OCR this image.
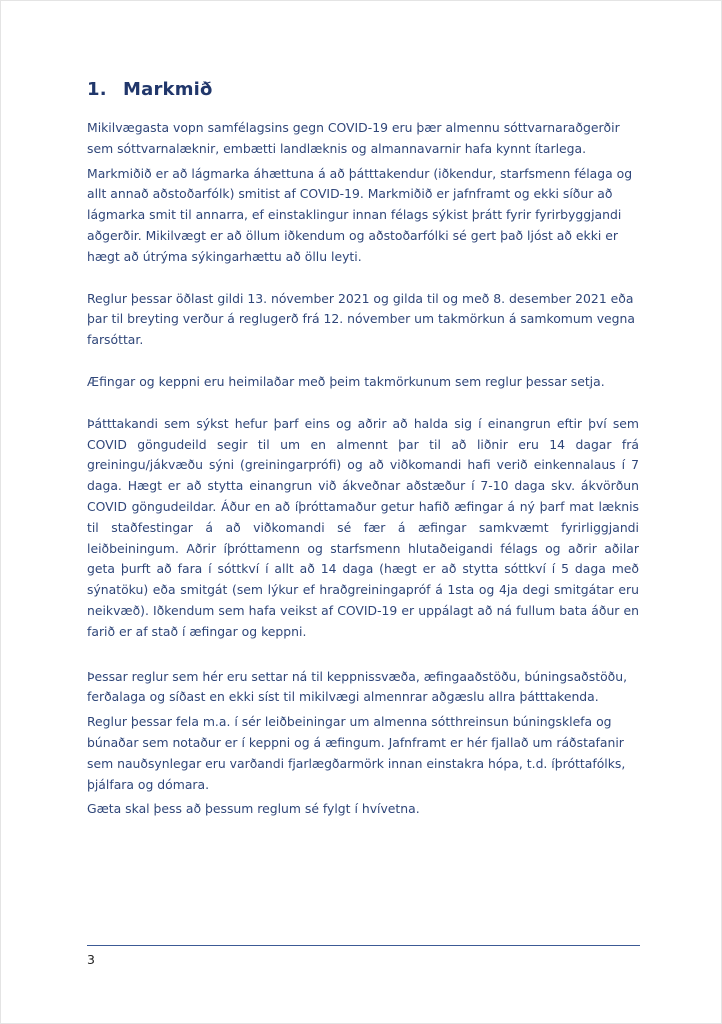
1. Markmið

Mikilvægasta vopn samfélagsins gegn COVID-19 eru þær almennu sóttvarnaraðgerðir sem sóttvarnalæknir, embætti landlæknis og almannavarnir hafa kynnt ítarlega.

Markmiðið er að lágmarka áhættuna á að þátttakendur (iðkendur, starfsmenn félaga og allt annað aðstoðarfólk) smitist af COVID-19. Markmiðið er jafnframt og ekki síður að lágmarka smit til annarra, ef einstaklingur innan félags sýkist þrátt fyrir fyrirbyggjandi aðgerðir. Mikilvægt er að öllum iðkendum og aðstoðarfólki sé gert það ljóst að ekki er hægt að útrýma sýkingarhættu að öllu leyti.

Reglur þessar öðlast gildi 13. nóvember 2021 og gilda til og með 8. desember 2021 eða þar til breyting verður á reglugerð frá 12. nóvember um takmörkun á samkomum vegna farsóttar.

Æfingar og keppni eru heimilaðar með þeim takmörkunum sem reglur þessar setja.

Þátttakandi sem sýkst hefur þarf eins og aðrir að halda sig í einangrun eftir því sem COVID göngudeild segir til um en almennt þar til að liðnir eru 14 dagar frá greiningu/jákvæðu sýni (greiningarprófi) og að viðkomandi hafi verið einkennalaus í 7 daga. Hægt er að stytta einangrun við ákveðnar aðstæður í 7-10 daga skv. ákvörðun COVID göngudeildar. Áður en að íþróttamaður getur hafið æfingar á ný þarf mat læknis til staðfestingar á að viðkomandi sé fær á æfingar samkvæmt fyrirliggjandi leiðbeiningum. Aðrir íþróttamenn og starfsmenn hlutaðeigandi félags og aðrir aðilar geta þurft að fara í sóttkví í allt að 14 daga (hægt er að stytta sóttkví í 5 daga með sýnatöku) eða smitgát (sem lýkur ef hraðgreiningapróf á 1sta og 4ja degi smitgátar eru neikvæð). Iðkendum sem hafa veikst af COVID-19 er uppálagt að ná fullum bata áður en farið er af stað í æfingar og keppni.

Þessar reglur sem hér eru settar ná til keppnissvæða, æfingaaðstöðu, búningsaðstöðu, ferðalaga og síðast en ekki síst til mikilvægi almennrar aðgæslu allra þátttakenda.

Reglur þessar fela m.a. í sér leiðbeiningar um almenna sótthreinsun búningsklefa og búnaðar sem notaður er í keppni og á æfingum. Jafnframt er hér fjallað um ráðstafanir sem nauðsynlegar eru varðandi fjarlægðarmörk innan einstakra hópa, t.d. íþróttafólks, þjálfara og dómara.

Gæta skal þess að þessum reglum sé fylgt í hvívetna.

3
